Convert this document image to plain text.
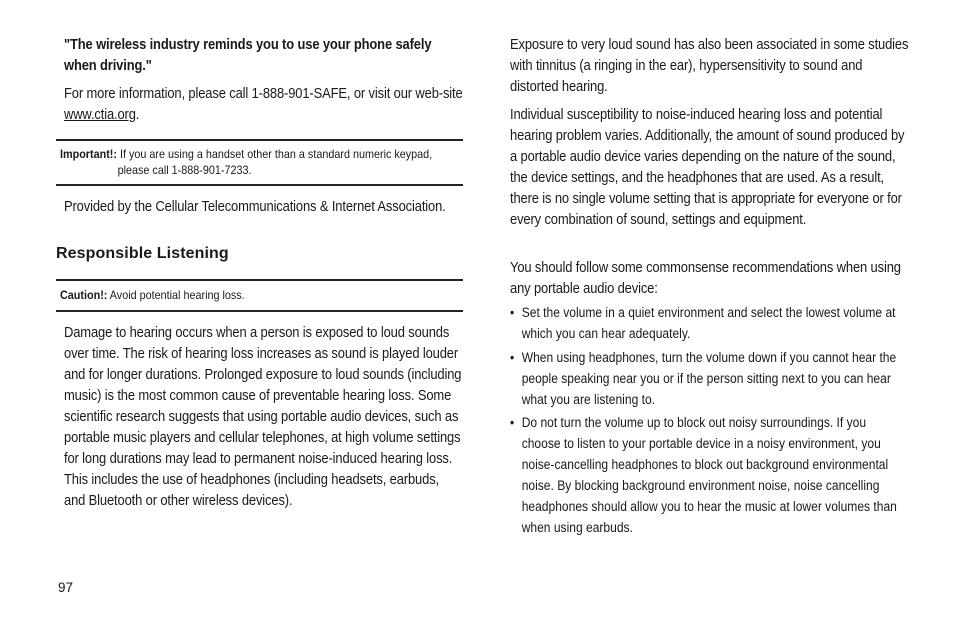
"The wireless industry reminds you to use your phone safely when driving."
For more information, please call 1-888-901-SAFE, or visit our web-site www.ctia.org.
Important!: If you are using a handset other than a standard numeric keypad,
please call 1-888-901-7233.
Provided by the Cellular Telecommunications & Internet Association.
Responsible Listening
Caution!: Avoid potential hearing loss.
Damage to hearing occurs when a person is exposed to loud sounds over time. The risk of hearing loss increases as sound is played louder and for longer durations. Prolonged exposure to loud sounds (including music) is the most common cause of preventable hearing loss. Some scientific research suggests that using portable audio devices, such as portable music players and cellular telephones, at high volume settings for long durations may lead to permanent noise-induced hearing loss. This includes the use of headphones (including headsets, earbuds, and Bluetooth or other wireless devices).
Exposure to very loud sound has also been associated in some studies with tinnitus (a ringing in the ear), hypersensitivity to sound and distorted hearing.
Individual susceptibility to noise-induced hearing loss and potential hearing problem varies. Additionally, the amount of sound produced by a portable audio device varies depending on the nature of the sound, the device settings, and the headphones that are used. As a result, there is no single volume setting that is appropriate for everyone or for every combination of sound, settings and equipment.
You should follow some commonsense recommendations when using any portable audio device:
• Set the volume in a quiet environment and select the lowest volume at which you can hear adequately.
• When using headphones, turn the volume down if you cannot hear the people speaking near you or if the person sitting next to you can hear what you are listening to.
• Do not turn the volume up to block out noisy surroundings. If you choose to listen to your portable device in a noisy environment, you noise-cancelling headphones to block out background environmental noise. By blocking background environment noise, noise cancelling headphones should allow you to hear the music at lower volumes than when using earbuds.
97
